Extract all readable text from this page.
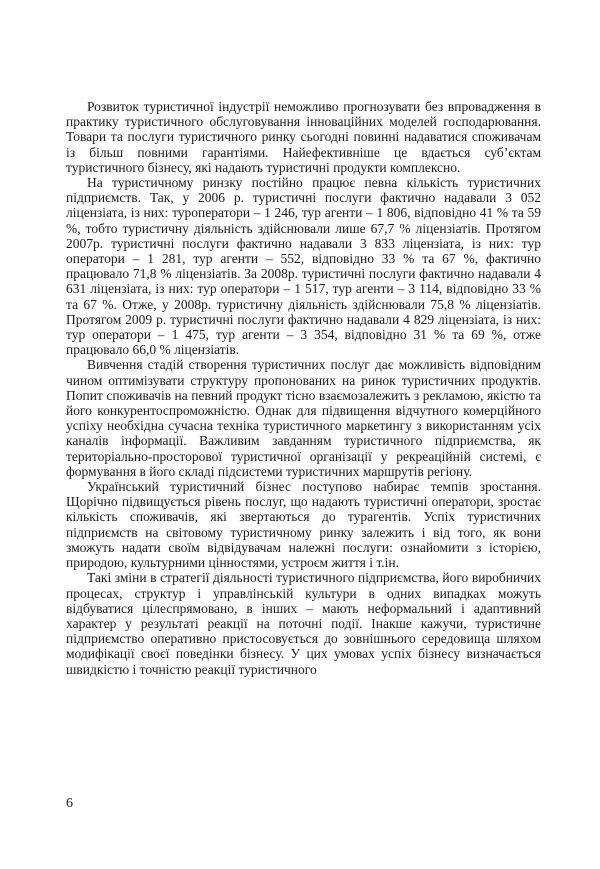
Розвиток туристичної індустрії неможливо прогнозувати без впровадження в практику туристичного обслуговування інноваційних моделей господарювання. Товари та послуги туристичного ринку сьогодні повинні надаватися споживачам із більш повними гарантіями. Найефективніше це вдається суб’єктам туристичного бізнесу, які надають туристичні продукти комплексно.

На туристичному ринзку постійно працює певна кількість туристичних підприємств. Так, у 2006 р. туристичні послуги фактично надавали 3 052 ліцензіата, із них: туроператори – 1 246, тур агенти – 1 806, відповідно 41 % та 59 %, тобто туристичну діяльність здійснювали лише 67,7 % ліцензіатів. Протягом 2007р. туристичні послуги фактично надавали 3 833 ліцензіата, із них: тур оператори – 1 281, тур агенти – 552, відповідно 33 % та 67 %, фактично працювало 71,8 % ліцензіатів. За 2008р. туристичні послуги фактично надавали 4 631 ліцензіата, із них: тур оператори – 1 517, тур агенти – 3 114, відповідно 33 % та 67 %. Отже, у 2008р. туристичну діяльність здійснювали 75,8 % ліцензіатів. Протягом 2009 р. туристичні послуги фактично надавали 4 829 ліцензіата, із них: тур оператори – 1 475, тур агенти – 3 354, відповідно 31 % та 69 %, отже працювало 66,0 % ліцензіатів.

Вивчення стадій створення туристичних послуг дає можливість відповідним чином оптимізувати структуру пропонованих на ринок туристичних продуктів. Попит споживачів на певний продукт тісно взаємозалежить з рекламою, якістю та його конкурентоспроможністю. Однак для підвищення відчутного комерційного успіху необхідна сучасна техніка туристичного маркетингу з використанням усіх каналів інформації. Важливим завданням туристичного підприємства, як територіально-просторової туристичної організації у рекреаційній системі, є формування в його складі підсистеми туристичних маршрутів регіону.

Український туристичний бізнес поступово набирає темпів зростання. Щорічно підвищується рівень послуг, що надають туристичні оператори, зростає кількість споживачів, які звертаються до турагентів. Успіх туристичних підприємств на світовому туристичному ринку залежить і від того, як вони зможуть надати своїм відвідувачам належні послуги: ознайомити з історією, природою, культурними цінностями, устроєм життя і т.ін.

Такі зміни в стратегії діяльності туристичного підприємства, його виробничих процесах, структур і управлінській культури в одних випадках можуть відбуватися цілеспрямовано, в інших – мають неформальний і адаптивний характер у результаті реакції на поточні події. Інакше кажучи, туристичне підприємство оперативно пристосовується до зовнішнього середовища шляхом модифікації своєї поведінки бізнесу. У цих умовах успіх бізнесу визначається швидкістю і точністю реакції туристичного

6
